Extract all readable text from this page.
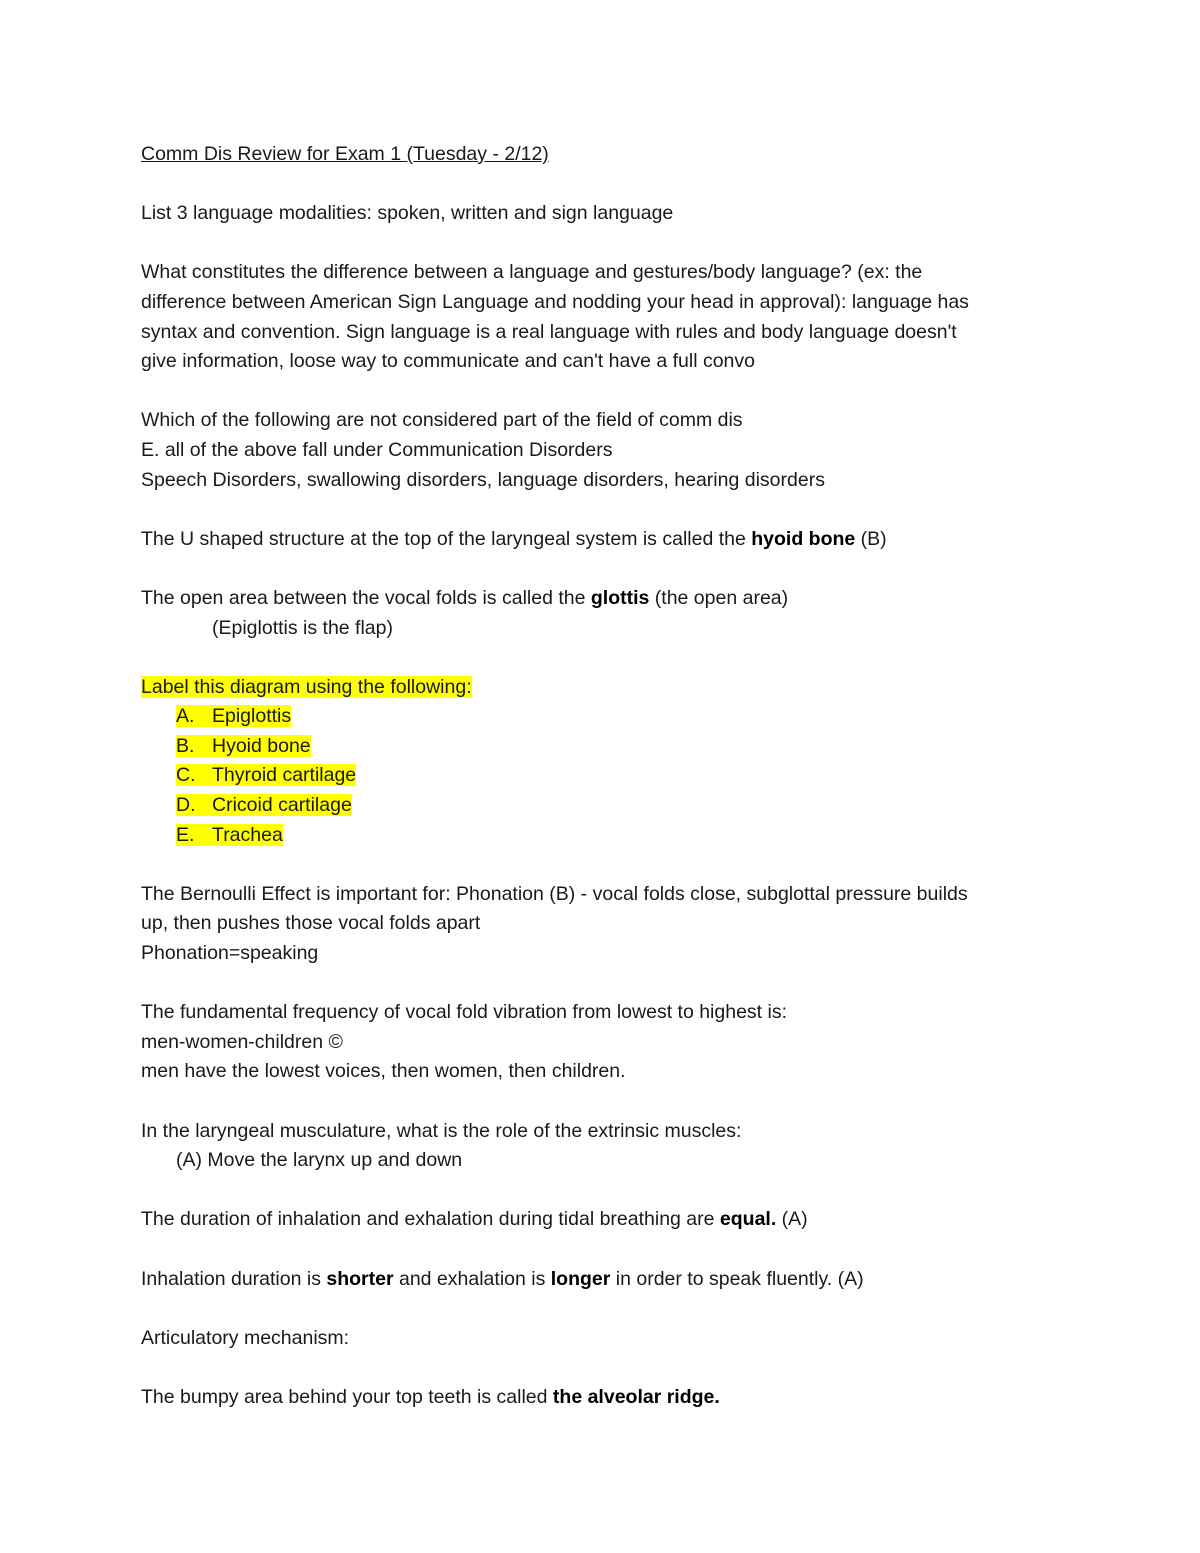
Comm Dis Review for Exam 1 (Tuesday - 2/12)
List 3 language modalities: spoken, written and sign language
What constitutes the difference between a language and gestures/body language? (ex: the
difference between American Sign Language and nodding your head in approval): language has
syntax and convention. Sign language is a real language with rules and body language doesn't
give information, loose way to communicate and can't have a full convo
Which of the following are not considered part of the field of comm dis
E. all of the above fall under Communication Disorders
Speech Disorders, swallowing disorders, language disorders, hearing disorders
The U shaped structure at the top of the laryngeal system is called the hyoid bone (B)
The open area between the vocal folds is called the glottis (the open area)
(Epiglottis is the flap)
Label this diagram using the following:
A. Epiglottis
B. Hyoid bone
C. Thyroid cartilage
D. Cricoid cartilage
E. Trachea
The Bernoulli Effect is important for: Phonation (B) - vocal folds close, subglottal pressure builds
up, then pushes those vocal folds apart
Phonation=speaking
The fundamental frequency of vocal fold vibration from lowest to highest is:
men-women-children ©
men have the lowest voices, then women, then children.
In the laryngeal musculature, what is the role of the extrinsic muscles:
(A) Move the larynx up and down
The duration of inhalation and exhalation during tidal breathing are equal. (A)
Inhalation duration is shorter and exhalation is longer in order to speak fluently. (A)
Articulatory mechanism:
The bumpy area behind your top teeth is called the alveolar ridge.
